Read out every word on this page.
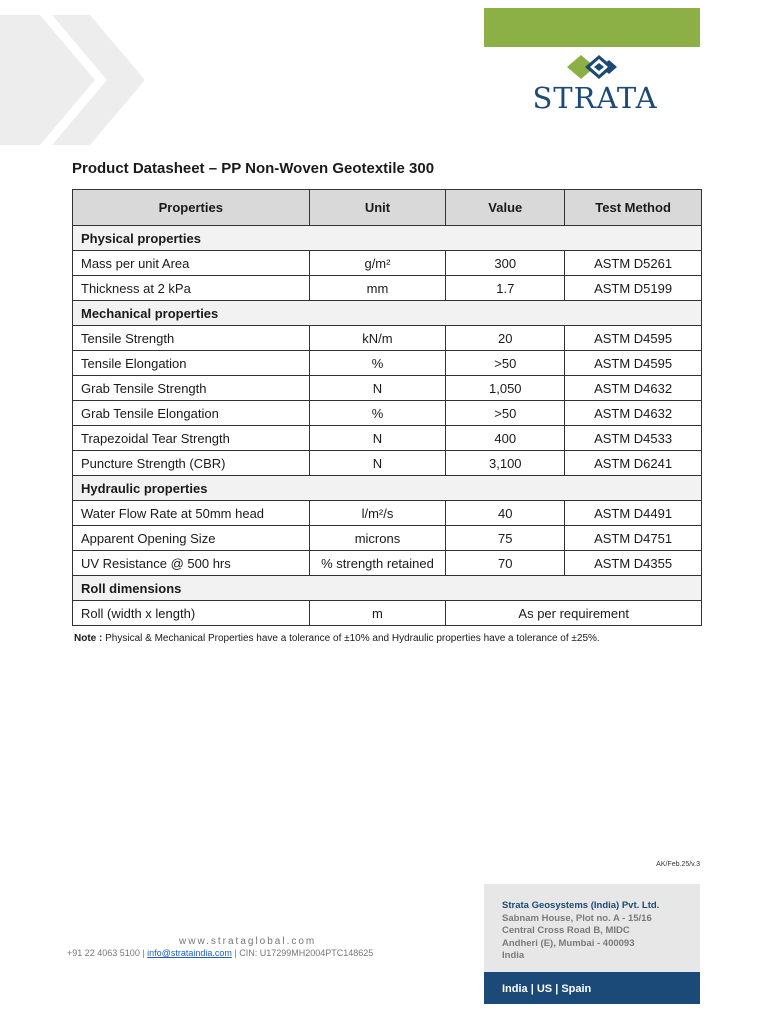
STRATA
Product Datasheet – PP Non-Woven Geotextile 300
Properties	Unit	Value	Test Method
Physical properties			
Mass per unit Area	g/m²	300	ASTM D5261
Thickness at 2 kPa	mm	1.7	ASTM D5199
Mechanical properties			
Tensile Strength	kN/m	20	ASTM D4595
Tensile Elongation	%	>50	ASTM D4595
Grab Tensile Strength	N	1,050	ASTM D4632
Grab Tensile Elongation	%	>50	ASTM D4632
Trapezoidal Tear Strength	N	400	ASTM D4533
Puncture Strength (CBR)	N	3,100	ASTM D6241
Hydraulic properties			
Water Flow Rate at 50mm head	l/m²/s	40	ASTM D4491
Apparent Opening Size	microns	75	ASTM D4751
UV Resistance @ 500 hrs	% strength retained	70	ASTM D4355
Roll dimensions			
Roll (width x length)	m	As per requirement	
Note : Physical & Mechanical Properties have a tolerance of ±10% and Hydraulic properties have a tolerance of ±25%.
AK/Feb.25/v.3
Strata Geosystems (India) Pvt. Ltd.
Sabnam House, Plot no. A - 15/16
Central Cross Road B, MIDC
Andheri (E), Mumbai - 400093
India
India | US | Spain
www.strataglobal.com
+91 22 4063 5100 | info@strataindia.com | CIN: U17299MH2004PTC148625
